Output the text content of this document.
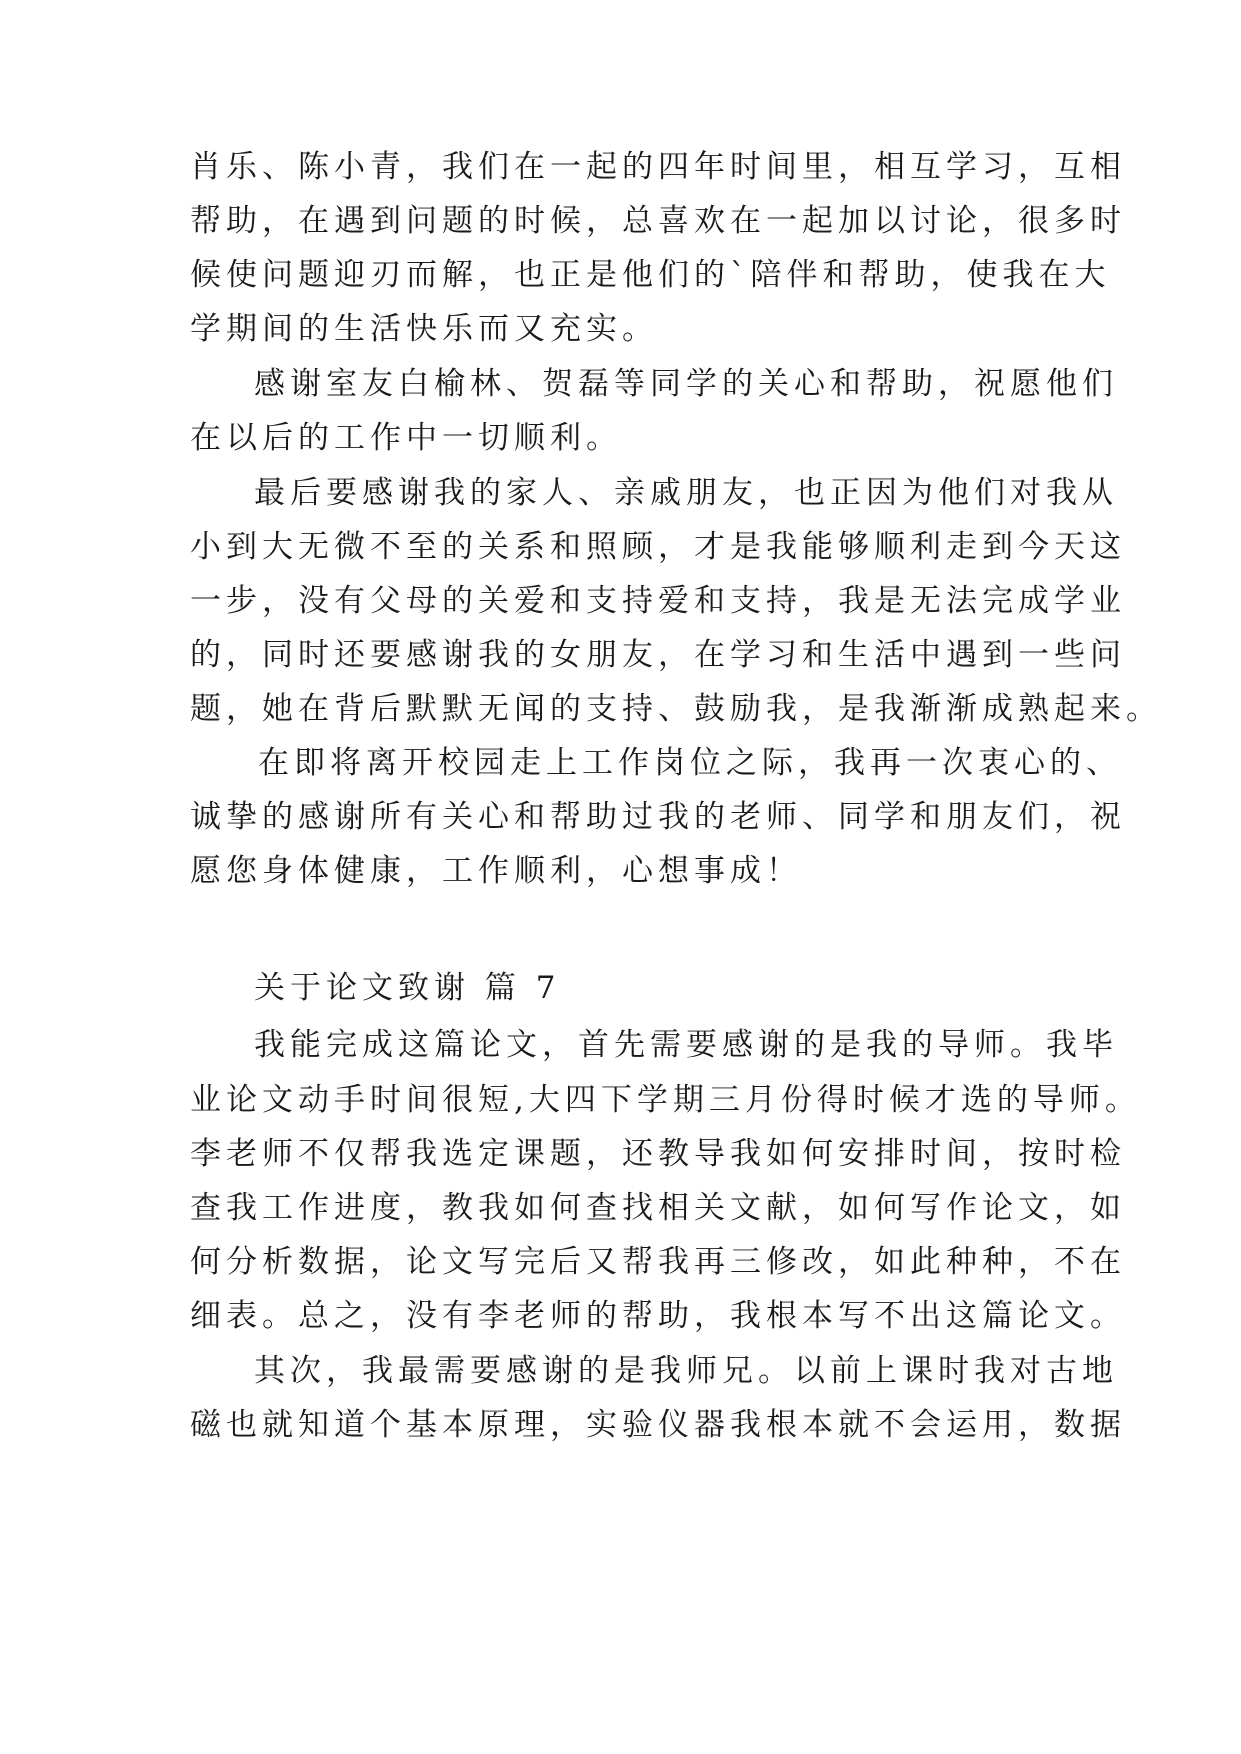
肖乐、陈小青，我们在一起的四年时间里，相互学习，互相
帮助，在遇到问题的时候，总喜欢在一起加以讨论，很多时
候使问题迎刃而解，也正是他们的`陪伴和帮助，使我在大
学期间的生活快乐而又充实。
感谢室友白榆林、贺磊等同学的关心和帮助，祝愿他们
在以后的工作中一切顺利。
最后要感谢我的家人、亲戚朋友，也正因为他们对我从
小到大无微不至的关系和照顾，才是我能够顺利走到今天这
一步，没有父母的关爱和支持爱和支持，我是无法完成学业
的，同时还要感谢我的女朋友，在学习和生活中遇到一些问
题，她在背后默默无闻的支持、鼓励我，是我渐渐成熟起来。
在即将离开校园走上工作岗位之际，我再一次衷心的、
诚挚的感谢所有关心和帮助过我的老师、同学和朋友们，祝
愿您身体健康，工作顺利，心想事成！
关于论文致谢 篇 7
我能完成这篇论文，首先需要感谢的是我的导师。我毕
业论文动手时间很短,大四下学期三月份得时候才选的导师。
李老师不仅帮我选定课题，还教导我如何安排时间，按时检
查我工作进度，教我如何查找相关文献，如何写作论文，如
何分析数据，论文写完后又帮我再三修改，如此种种，不在
细表。总之，没有李老师的帮助，我根本写不出这篇论文。
其次，我最需要感谢的是我师兄。以前上课时我对古地
磁也就知道个基本原理，实验仪器我根本就不会运用，数据
